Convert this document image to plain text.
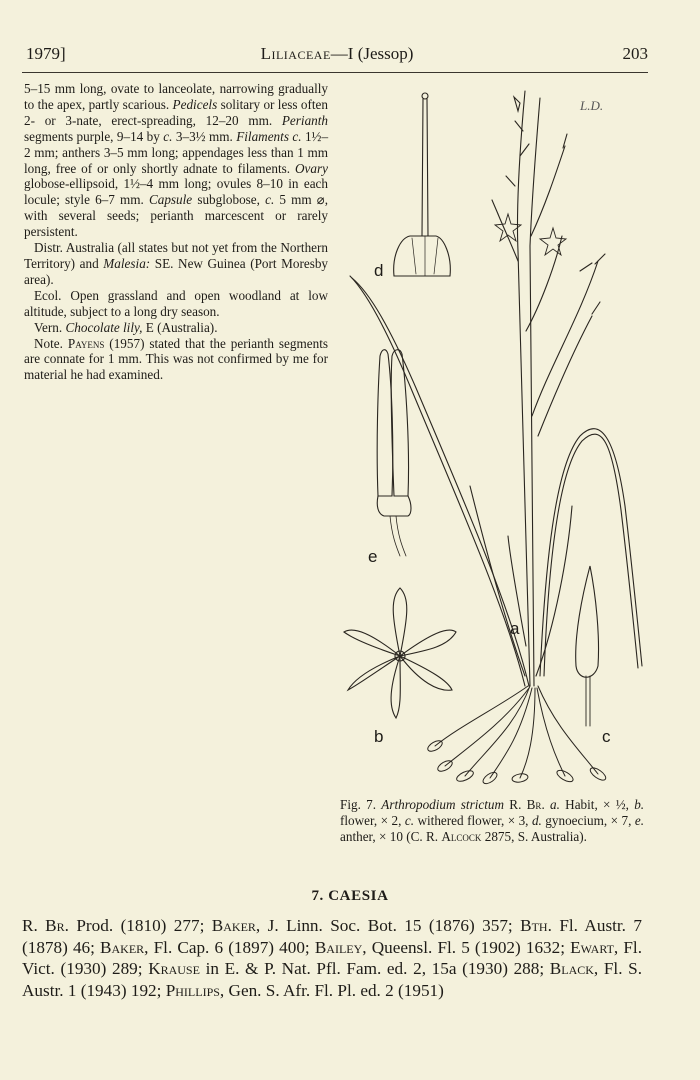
1979]	Liliaceae—I (Jessop)	203

5–15 mm long, ovate to lanceolate, narrowing gradually to the apex, partly scarious. Pedicels solitary or less often 2- or 3-nate, erect-spreading, 12–20 mm. Perianth segments purple, 9–14 by c. 3–3½ mm. Filaments c. 1½–2 mm; anthers 3–5 mm long; appendages less than 1 mm long, free of or only shortly adnate to filaments. Ovary globose-ellipsoid, 1½–4 mm long; ovules 8–10 in each locule; style 6–7 mm. Capsule subglobose, c. 5 mm ⌀, with several seeds; perianth marcescent or rarely persistent.

Distr. Australia (all states but not yet from the Northern Territory) and Malesia: SE. New Guinea (Port Moresby area).

Ecol. Open grassland and open woodland at low altitude, subject to a long dry season.

Vern. Chocolate lily, E (Australia).

Note. Payens (1957) stated that the perianth segments are connate for 1 mm. This was not confirmed by me for material he had examined.

L.D.
d
e
a
b	c
Fig. 7. Arthropodium strictum R. Br. a. Habit, × ½, b. flower, × 2, c. withered flower, × 3, d. gynoecium, × 7, e. anther, × 10 (C. R. Alcock 2875, S. Australia).
7. CAESIA
R. Br. Prod. (1810) 277; Baker, J. Linn. Soc. Bot. 15 (1876) 357; Bth. Fl. Austr. 7 (1878) 46; Baker, Fl. Cap. 6 (1897) 400; Bailey, Queensl. Fl. 5 (1902) 1632; Ewart, Fl. Vict. (1930) 289; Krause in E. & P. Nat. Pfl. Fam. ed. 2, 15a (1930) 288; Black, Fl. S. Austr. 1 (1943) 192; Phillips, Gen. S. Afr. Fl. Pl. ed. 2 (1951)
